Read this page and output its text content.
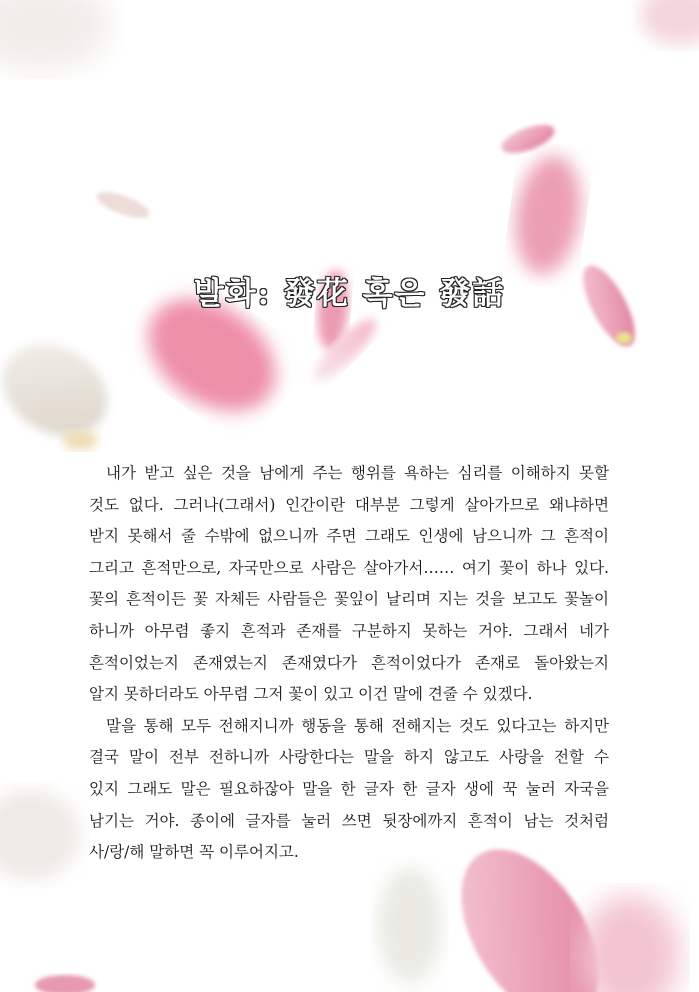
발화: 發花 혹은 發話
내가 받고 싶은 것을 남에게 주는 행위를 욕하는 심리를 이해하지 못할
것도 없다. 그러나(그래서) 인간이란 대부분 그렇게 살아가므로 왜냐하면
받지 못해서 줄 수밖에 없으니까 주면 그래도 인생에 남으니까 그 흔적이
그리고 흔적만으로, 자국만으로 사람은 살아가서…… 여기 꽃이 하나 있다.
꽃의 흔적이든 꽃 자체든 사람들은 꽃잎이 날리며 지는 것을 보고도 꽃놀이
하니까 아무렴 좋지 흔적과 존재를 구분하지 못하는 거야. 그래서 네가
흔적이었는지 존재였는지 존재였다가 흔적이었다가 존재로 돌아왔는지
알지 못하더라도 아무렴 그저 꽃이 있고 이건 말에 견줄 수 있겠다.
말을 통해 모두 전해지니까 행동을 통해 전해지는 것도 있다고는 하지만
결국 말이 전부 전하니까 사랑한다는 말을 하지 않고도 사랑을 전할 수
있지 그래도 말은 필요하잖아 말을 한 글자 한 글자 생에 꾹 눌러 자국을
남기는 거야. 종이에 글자를 눌러 쓰면 뒷장에까지 흔적이 남는 것처럼
사/랑/해 말하면 꼭 이루어지고.
